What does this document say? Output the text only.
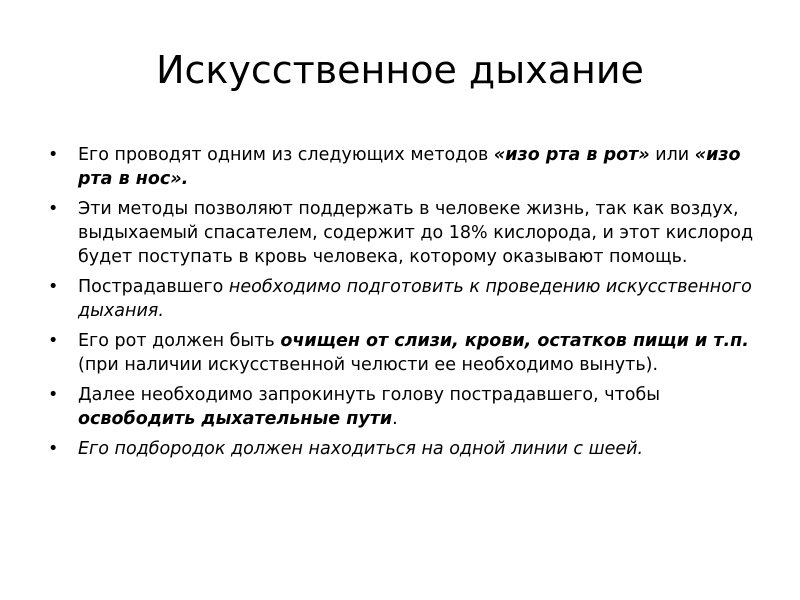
Искусственное дыхание
•	Его проводят одним из следующих методов «изо рта в рот» или «изо рта в нос».
•	Эти методы позволяют поддержать в человеке жизнь, так как воздух, выдыхаемый спасателем, содержит до 18% кислорода, и этот кислород будет поступать в кровь человека, которому оказывают помощь.
•	Пострадавшего необходимо подготовить к проведению искусственного дыхания.
•	Его рот должен быть очищен от слизи, крови, остатков пищи и т.п. (при наличии искусственной челюсти ее необходимо вынуть).
•	Далее необходимо запрокинуть голову пострадавшего, чтобы освободить дыхательные пути.
•	Его подбородок должен находиться на одной линии с шеей.
